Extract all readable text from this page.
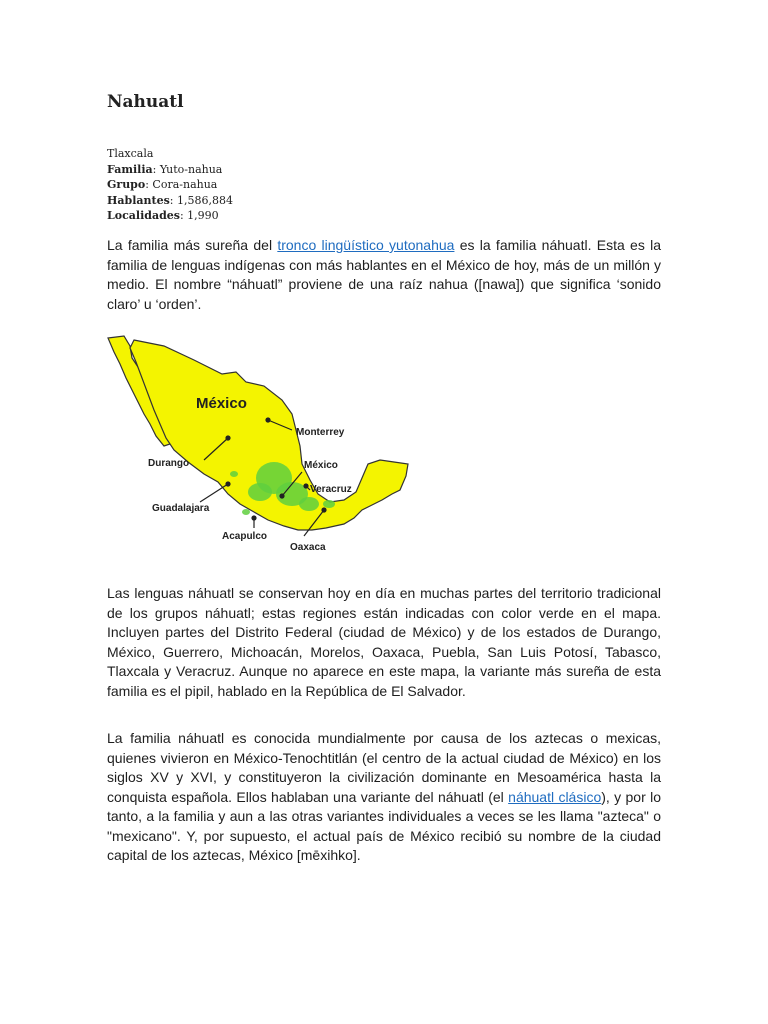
Nahuatl
Tlaxcala
Familia: Yuto-nahua
Grupo: Cora-nahua
Hablantes: 1,586,884
Localidades: 1,990

La familia más sureña del tronco lingüístico yutonahua es la familia náhuatl. Esta es la familia de lenguas indígenas con más hablantes en el México de hoy, más de un millón y medio. El nombre “náhuatl” proviene de una raíz nahua ([nawa]) que significa ‘sonido claro’ u ‘orden’.

México
Monterrey
Durango	México
Veracruz
Guadalajara
Acapulco
Oaxaca

Las lenguas náhuatl se conservan hoy en día en muchas partes del territorio tradicional de los grupos náhuatl; estas regiones están indicadas con color verde en el mapa. Incluyen partes del Distrito Federal (ciudad de México) y de los estados de Durango, México, Guerrero, Michoacán, Morelos, Oaxaca, Puebla, San Luis Potosí, Tabasco, Tlaxcala y Veracruz. Aunque no aparece en este mapa, la variante más sureña de esta familia es el pipil, hablado en la República de El Salvador.

La familia náhuatl es conocida mundialmente por causa de los aztecas o mexicas, quienes vivieron en México-Tenochtitlán (el centro de la actual ciudad de México) en los siglos XV y XVI, y constituyeron la civilización dominante en Mesoamérica hasta la conquista española. Ellos hablaban una variante del náhuatl (el náhuatl clásico), y por lo tanto, a la familia y aun a las otras variantes individuales a veces se les llama "azteca" o "mexicano". Y, por supuesto, el actual país de México recibió su nombre de la ciudad capital de los aztecas, México [mēxihko].
